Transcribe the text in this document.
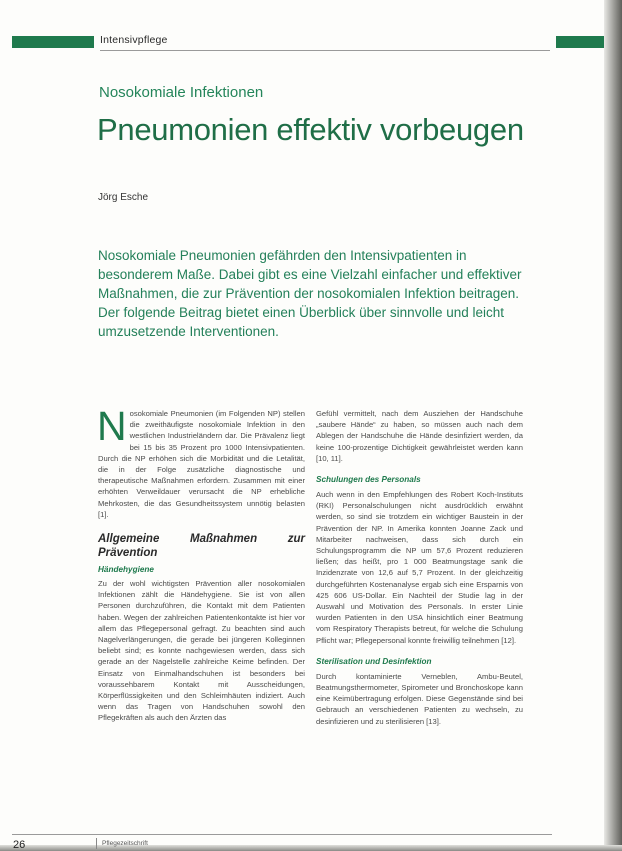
Intensivpflege
Nosokomiale Infektionen
Pneumonien effektiv vorbeugen
Jörg Esche
Nosokomiale Pneumonien gefährden den Intensivpatienten in besonderem Maße. Dabei gibt es eine Vielzahl einfacher und effektiver Maßnahmen, die zur Prävention der nosokomialen Infektion beitragen. Der folgende Beitrag bietet einen Überblick über sinnvolle und leicht umzusetzende Interventionen.

Nosokomiale Pneumonien (im Folgenden NP) stellen die zweithäufigste nosokomiale Infektion in den westlichen Industrieländern dar. Die Prävalenz liegt bei 15 bis 35 Prozent pro 1000 Intensivpatienten. Durch die NP erhöhen sich die Morbidität und die Letalität, die in der Folge zusätzliche diagnostische und therapeutische Maßnahmen erfordern. Zusammen mit einer erhöhten Verweildauer verursacht die NP erhebliche Mehrkosten, die das Gesundheitssystem unnötig belasten [1].

Allgemeine Maßnahmen zur Prävention
Händehygiene

Zu der wohl wichtigsten Prävention aller nosokomialen Infektionen zählt die Händehygiene. Sie ist von allen Personen durchzuführen, die Kontakt mit dem Patienten haben. Wegen der zahlreichen Patientenkontakte ist hier vor allem das Pflegepersonal gefragt. Zu beachten sind auch Nagelverlängerungen, die gerade bei jüngeren Kolleginnen beliebt sind; es konnte nachgewiesen werden, dass sich gerade an der Nagelstelle zahlreiche Keime befinden. Der Einsatz von Einmalhandschuhen ist besonders bei voraussehbarem Kontakt mit Ausscheidungen, Körperflüssigkeiten und den Schleimhäuten indiziert. Auch wenn das Tragen von Handschuhen sowohl den Pflegekräften als auch den Ärzten das

Gefühl vermittelt, nach dem Ausziehen der Handschuhe „saubere Hände“ zu haben, so müssen auch nach dem Ablegen der Handschuhe die Hände desinfiziert werden, da keine 100-prozentige Dichtigkeit gewährleistet werden kann [10, 11].

Schulungen des Personals

Auch wenn in den Empfehlungen des Robert Koch-Instituts (RKI) Personalschulungen nicht ausdrücklich erwähnt werden, so sind sie trotzdem ein wichtiger Baustein in der Prävention der NP. In Amerika konnten Joanne Zack und Mitarbeiter nachweisen, dass sich durch ein Schulungsprogramm die NP um 57,6 Prozent reduzieren ließen; das heißt, pro 1 000 Beatmungstage sank die Inzidenzrate von 12,6 auf 5,7 Prozent. In der gleichzeitig durchgeführten Kostenanalyse ergab sich eine Ersparnis von 425 606 US-Dollar. Ein Nachteil der Studie lag in der Auswahl und Motivation des Personals. In erster Linie wurden Patienten in den USA hinsichtlich einer Beatmung vom Respiratory Therapists betreut, für welche die Schulung Pflicht war; Pflegepersonal konnte freiwillig teilnehmen [12].

Sterilisation und Desinfektion

Durch kontaminierte Verneblen, Ambu-Beutel, Beatmungsthermometer, Spirometer und Bronchoskope kann eine Keimübertragung erfolgen. Diese Gegenstände sind bei Gebrauch an verschiedenen Patienten zu wechseln, zu desinfizieren und zu sterilisieren [13].

26	Pflegezeitschrift
